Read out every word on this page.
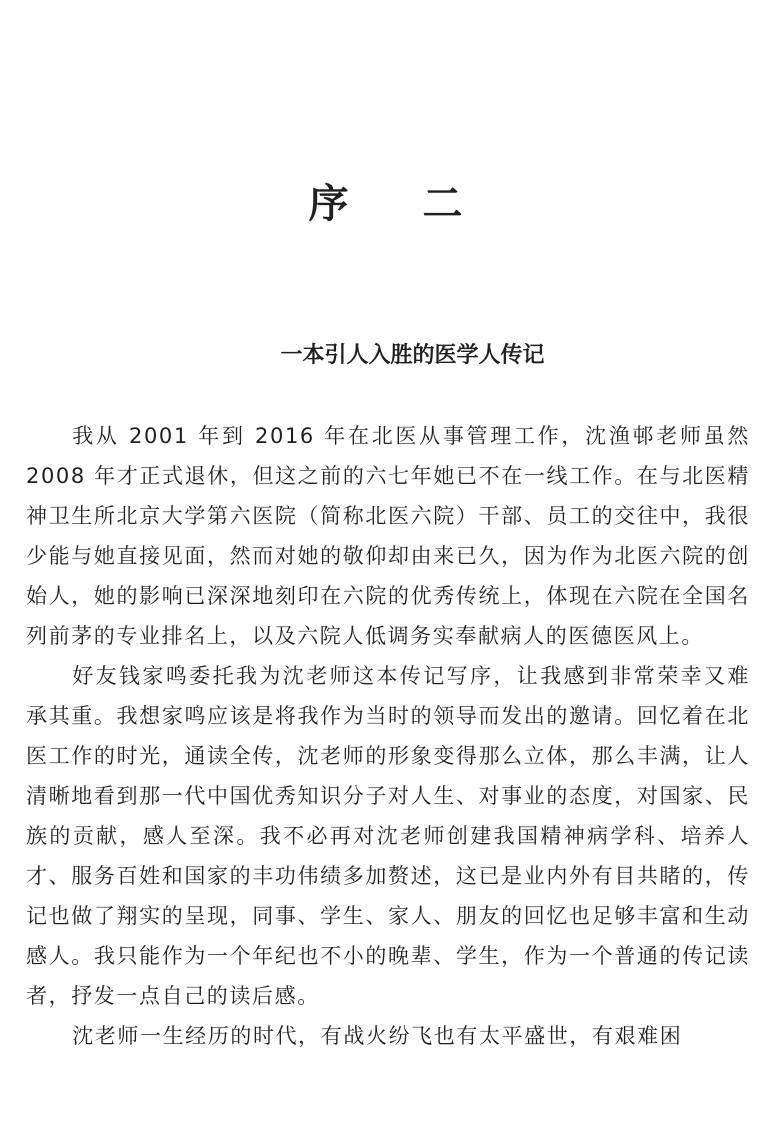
序 二
一本引人入胜的医学人传记

我从 2001 年到 2016 年在北医从事管理工作，沈渔邨老师虽然 2008 年才正式退休，但这之前的六七年她已不在一线工作。在与北医精神卫生所北京大学第六医院（简称北医六院）干部、员工的交往中，我很少能与她直接见面，然而对她的敬仰却由来已久，因为作为北医六院的创始人，她的影响已深深地刻印在六院的优秀传统上，体现在六院在全国名列前茅的专业排名上，以及六院人低调务实奉献病人的医德医风上。

好友钱家鸣委托我为沈老师这本传记写序，让我感到非常荣幸又难承其重。我想家鸣应该是将我作为当时的领导而发出的邀请。回忆着在北医工作的时光，通读全传，沈老师的形象变得那么立体，那么丰满，让人清晰地看到那一代中国优秀知识分子对人生、对事业的态度，对国家、民族的贡献，感人至深。我不必再对沈老师创建我国精神病学科、培养人才、服务百姓和国家的丰功伟绩多加赘述，这已是业内外有目共睹的，传记也做了翔实的呈现，同事、学生、家人、朋友的回忆也足够丰富和生动感人。我只能作为一个年纪也不小的晚辈、学生，作为一个普通的传记读者，抒发一点自己的读后感。

沈老师一生经历的时代，有战火纷飞也有太平盛世，有艰难困
